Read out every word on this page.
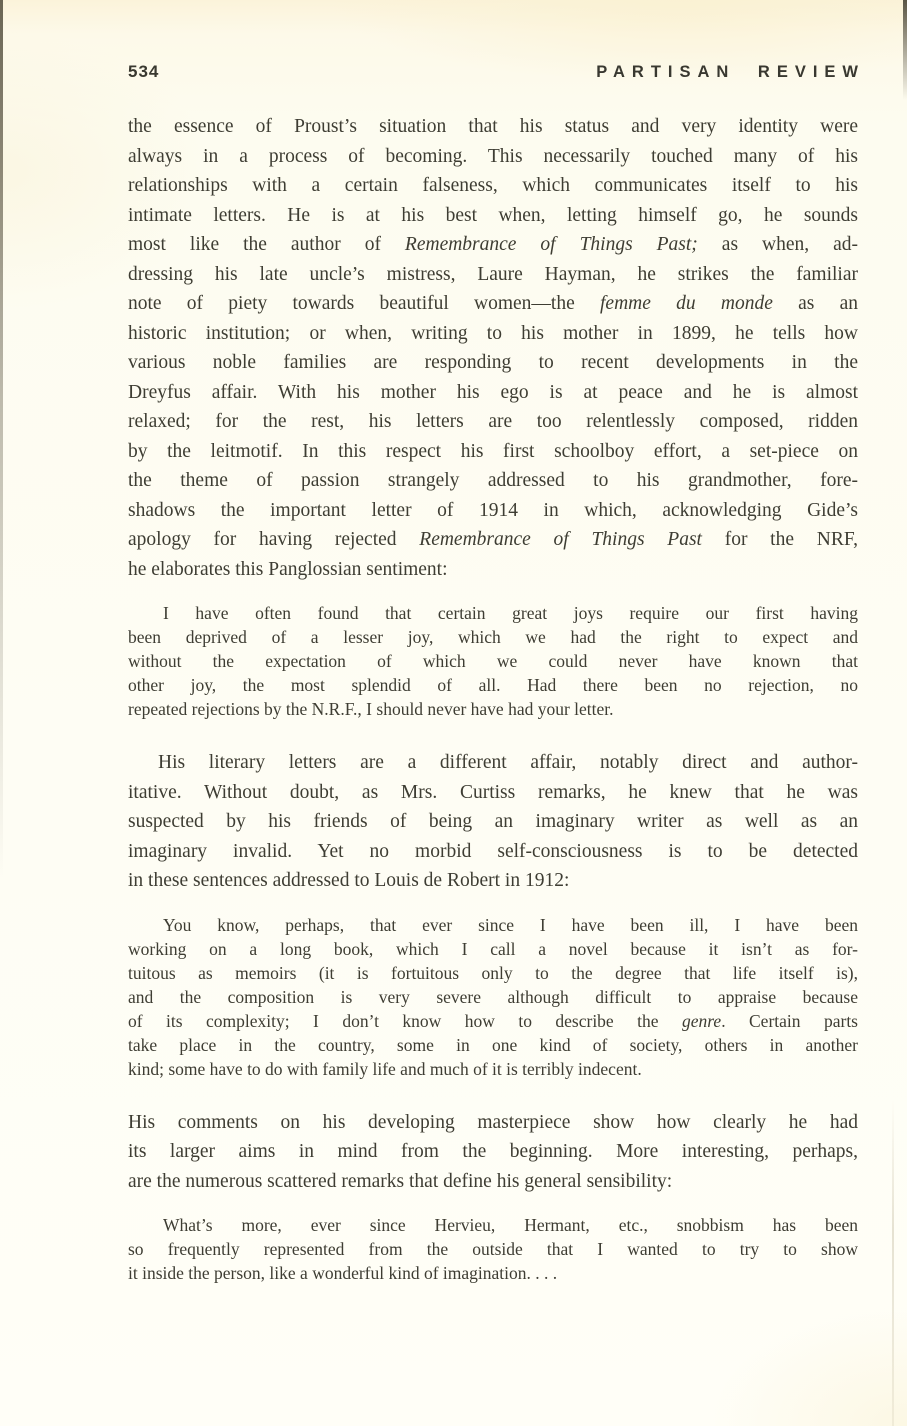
534	PARTISAN REVIEW
the essence of Proust’s situation that his status and very identity were
always in a process of becoming. This necessarily touched many of his
relationships with a certain falseness, which communicates itself to his
intimate letters. He is at his best when, letting himself go, he sounds
most like the author of Remembrance of Things Past; as when, ad-
dressing his late uncle’s mistress, Laure Hayman, he strikes the familiar
note of piety towards beautiful women—the femme du monde as an
historic institution; or when, writing to his mother in 1899, he tells how
various noble families are responding to recent developments in the
Dreyfus affair. With his mother his ego is at peace and he is almost
relaxed; for the rest, his letters are too relentlessly composed, ridden
by the leitmotif. In this respect his first schoolboy effort, a set-piece on
the theme of passion strangely addressed to his grandmother, fore-
shadows the important letter of 1914 in which, acknowledging Gide’s
apology for having rejected Remembrance of Things Past for the NRF,
he elaborates this Panglossian sentiment:
I have often found that certain great joys require our first having
been deprived of a lesser joy, which we had the right to expect and
without the expectation of which we could never have known that
other joy, the most splendid of all. Had there been no rejection, no
repeated rejections by the N.R.F., I should never have had your letter.
His literary letters are a different affair, notably direct and author-
itative. Without doubt, as Mrs. Curtiss remarks, he knew that he was
suspected by his friends of being an imaginary writer as well as an
imaginary invalid. Yet no morbid self-consciousness is to be detected
in these sentences addressed to Louis de Robert in 1912:
You know, perhaps, that ever since I have been ill, I have been
working on a long book, which I call a novel because it isn’t as for-
tuitous as memoirs (it is fortuitous only to the degree that life itself is),
and the composition is very severe although difficult to appraise because
of its complexity; I don’t know how to describe the genre. Certain parts
take place in the country, some in one kind of society, others in another
kind; some have to do with family life and much of it is terribly indecent.
His comments on his developing masterpiece show how clearly he had
its larger aims in mind from the beginning. More interesting, perhaps,
are the numerous scattered remarks that define his general sensibility:
What’s more, ever since Hervieu, Hermant, etc., snobbism has been
so frequently represented from the outside that I wanted to try to show
it inside the person, like a wonderful kind of imagination. . . .
